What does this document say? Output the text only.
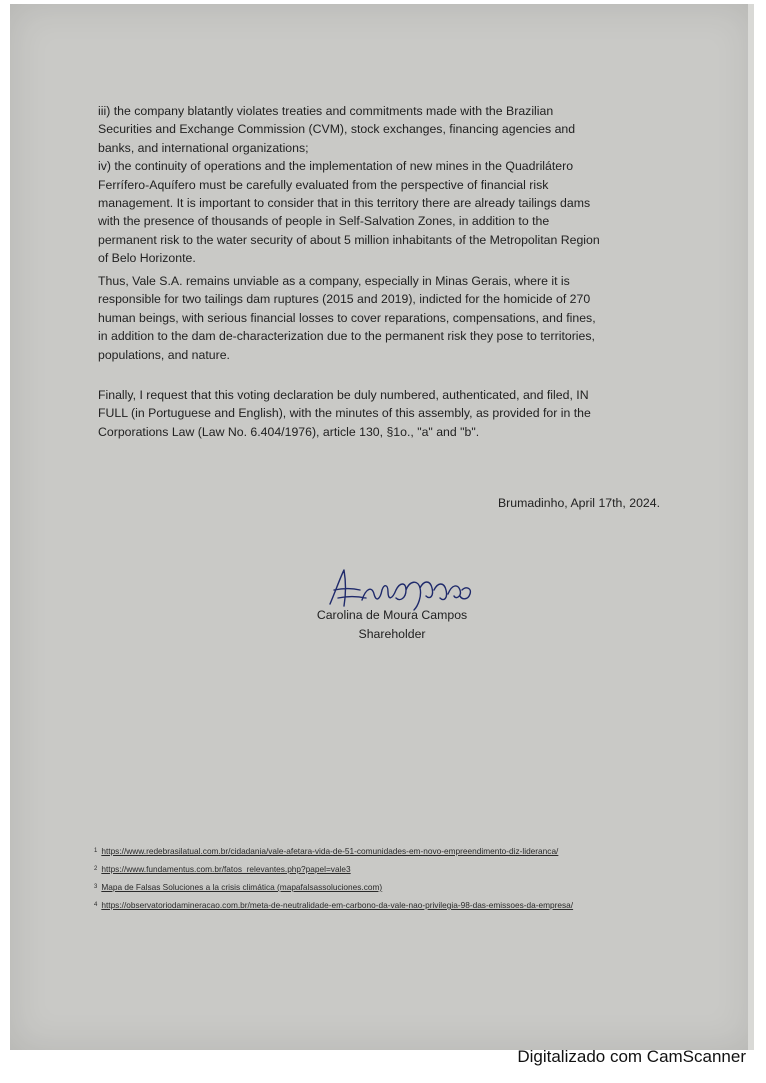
iii) the company blatantly violates treaties and commitments made with the Brazilian
Securities and Exchange Commission (CVM), stock exchanges, financing agencies and
banks, and international organizations;
iv) the continuity of operations and the implementation of new mines in the Quadrilátero
Ferrífero-Aquífero must be carefully evaluated from the perspective of financial risk
management. It is important to consider that in this territory there are already tailings dams
with the presence of thousands of people in Self-Salvation Zones, in addition to the
permanent risk to the water security of about 5 million inhabitants of the Metropolitan Region
of Belo Horizonte.
Thus, Vale S.A. remains unviable as a company, especially in Minas Gerais, where it is
responsible for two tailings dam ruptures (2015 and 2019), indicted for the homicide of 270
human beings, with serious financial losses to cover reparations, compensations, and fines,
in addition to the dam de-characterization due to the permanent risk they pose to territories,
populations, and nature.
Finally, I request that this voting declaration be duly numbered, authenticated, and filed, IN
FULL (in Portuguese and English), with the minutes of this assembly, as provided for in the
Corporations Law (Law No. 6.404/1976), article 130, §1o., "a" and "b".

Brumadinho, April 17th, 2024.

Carolina de Moura Campos

Shareholder

$^1$ https://www.redebrasilatual.com.br/cidadania/vale-afetara-vida-de-51-comunidades-em-novo-empreendimento-diz-lideranca/
$^2$ https://www.fundamentus.com.br/fatos_relevantes.php?papel=vale3
$^3$ Mapa de Falsas Soluciones a la crisis climática (mapafalsassoluciones.com)
$^4$ https://observatoriodamineracao.com.br/meta-de-neutralidade-em-carbono-da-vale-nao-privilegia-98-das-emissoes-da-empresa/

Digitalizado com CamScanner
